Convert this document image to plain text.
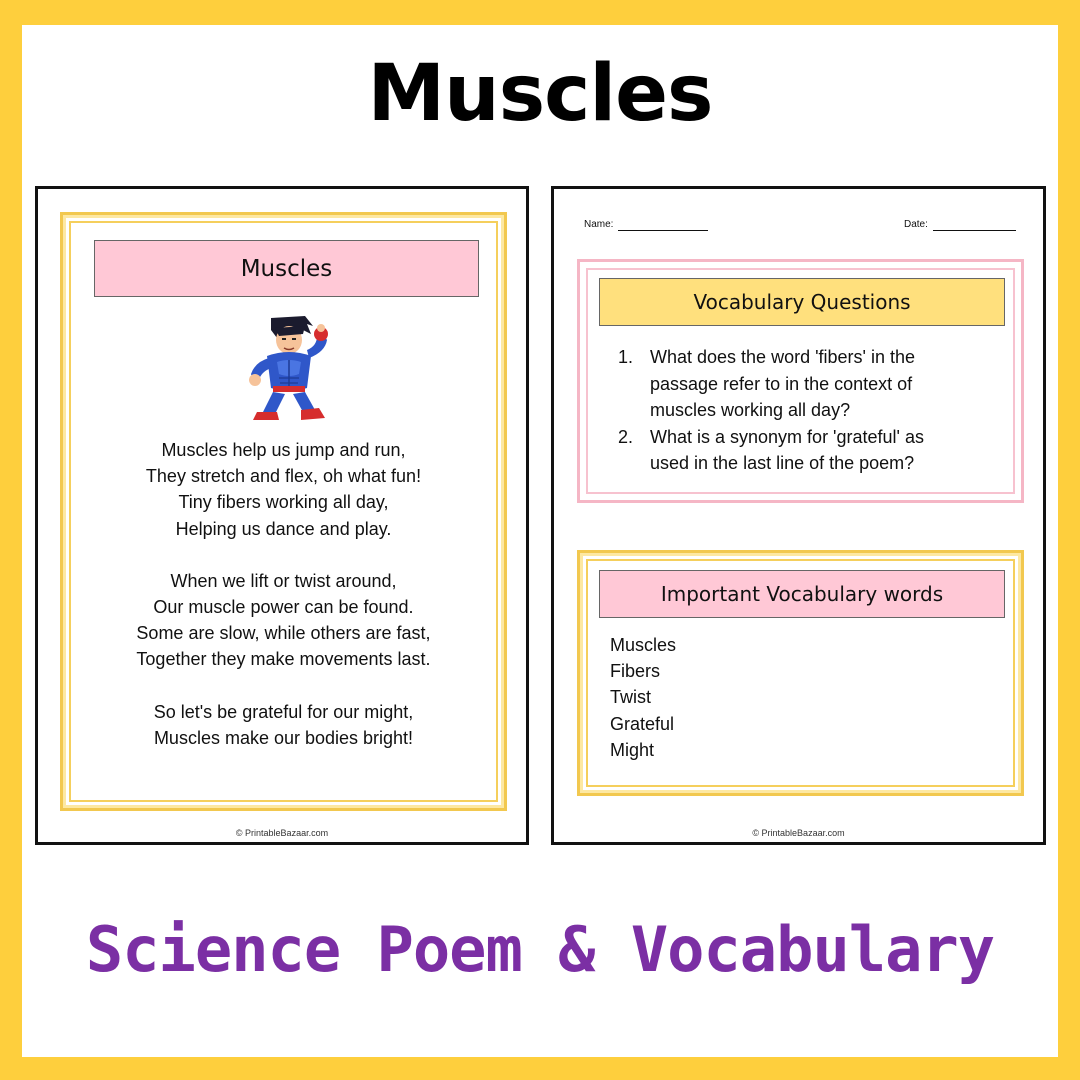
Muscles
Muscles
Muscles help us jump and run,
They stretch and flex, oh what fun!
Tiny fibers working all day,
Helping us dance and play.
When we lift or twist around,
Our muscle power can be found.
Some are slow, while others are fast,
Together they make movements last.
So let's be grateful for our might,
Muscles make our bodies bright!
© PrintableBazaar.com
Name:	Date:
Vocabulary Questions
1. What does the word 'fibers' in the
passage refer to in the context of
muscles working all day?
2. What is a synonym for 'grateful' as
used in the last line of the poem?
Important Vocabulary words
Muscles
Fibers
Twist
Grateful
Might
© PrintableBazaar.com
Science Poem & Vocabulary
